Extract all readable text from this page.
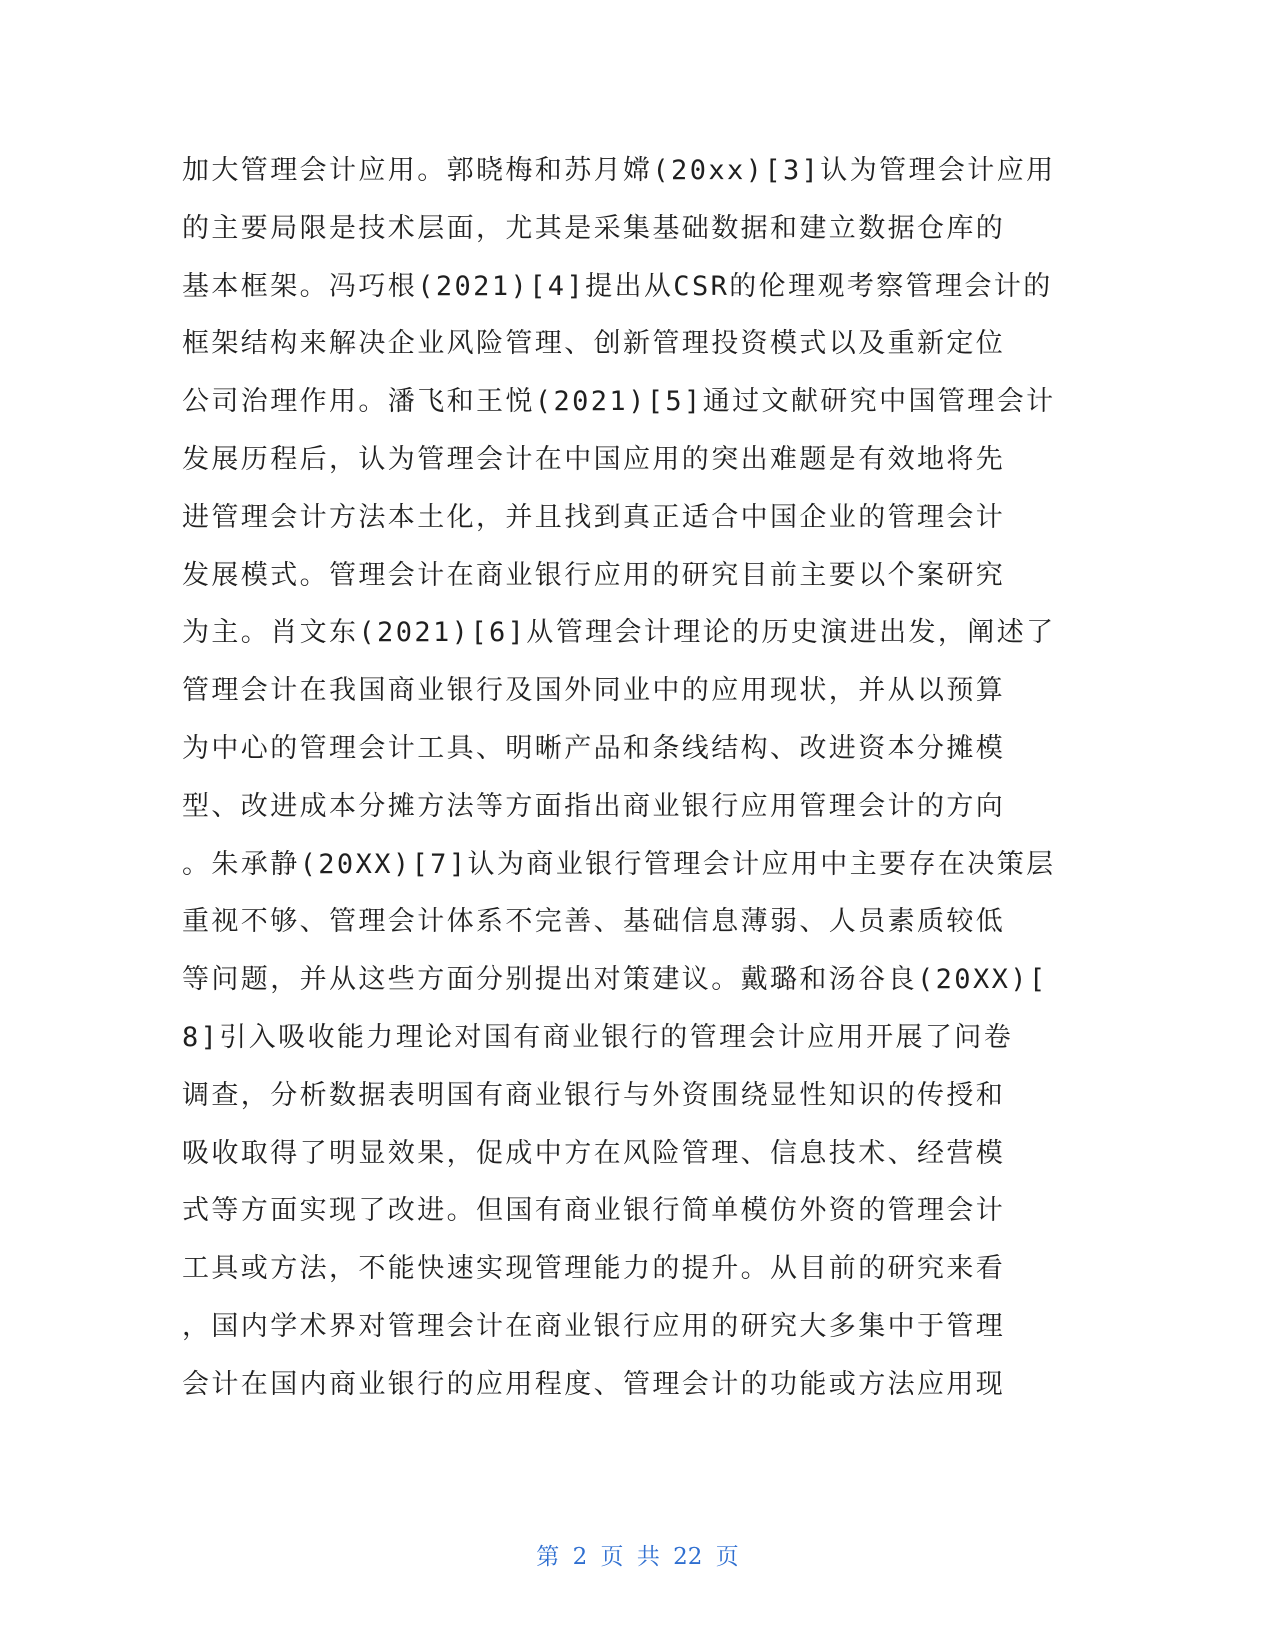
加大管理会计应用。郭晓梅和苏月嫦(20xx)[3]认为管理会计应用
的主要局限是技术层面，尤其是采集基础数据和建立数据仓库的
基本框架。冯巧根(2021)[4]提出从CSR的伦理观考察管理会计的
框架结构来解决企业风险管理、创新管理投资模式以及重新定位
公司治理作用。潘飞和王悦(2021)[5]通过文献研究中国管理会计
发展历程后，认为管理会计在中国应用的突出难题是有效地将先
进管理会计方法本土化，并且找到真正适合中国企业的管理会计
发展模式。管理会计在商业银行应用的研究目前主要以个案研究
为主。肖文东(2021)[6]从管理会计理论的历史演进出发，阐述了
管理会计在我国商业银行及国外同业中的应用现状，并从以预算
为中心的管理会计工具、明晰产品和条线结构、改进资本分摊模
型、改进成本分摊方法等方面指出商业银行应用管理会计的方向
。朱承静(20XX)[7]认为商业银行管理会计应用中主要存在决策层
重视不够、管理会计体系不完善、基础信息薄弱、人员素质较低
等问题，并从这些方面分别提出对策建议。戴璐和汤谷良(20XX)[
8]引入吸收能力理论对国有商业银行的管理会计应用开展了问卷
调查，分析数据表明国有商业银行与外资围绕显性知识的传授和
吸收取得了明显效果，促成中方在风险管理、信息技术、经营模
式等方面实现了改进。但国有商业银行简单模仿外资的管理会计
工具或方法，不能快速实现管理能力的提升。从目前的研究来看
，国内学术界对管理会计在商业银行应用的研究大多集中于管理
会计在国内商业银行的应用程度、管理会计的功能或方法应用现
第 2 页 共 22 页
